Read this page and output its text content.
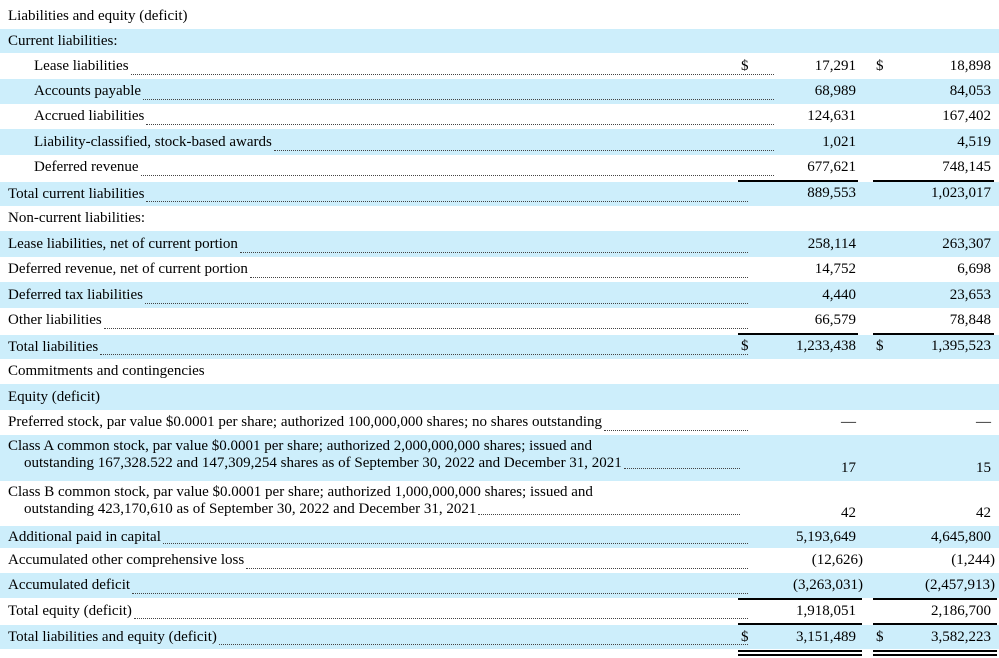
Liabilities and equity (deficit)
Current liabilities:
Lease liabilities	$	17,291 $	18,898
Accounts payable	68,989	84,053
Accrued liabilities	124,631	167,402
Liability-classified, stock-based awards	1,021	4,519
Deferred revenue	677,621	748,145
Total current liabilities	889,553	1,023,017
Non-current liabilities:
Lease liabilities, net of current portion	258,114	263,307
Deferred revenue, net of current portion	14,752	6,698
Deferred tax liabilities	4,440	23,653
Other liabilities	66,579	78,848
Total liabilities	$	1,233,438 $	1,395,523
Commitments and contingencies
Equity (deficit)
Preferred stock, par value $0.0001 per share; authorized 100,000,000 shares; no shares outstanding	—	—
Class A common stock, par value $0.0001 per share; authorized 2,000,000,000 shares; issued and
outstanding 167,328.522 and 147,309,254 shares as of September 30, 2022 and December 31, 2021	17	15
Class B common stock, par value $0.0001 per share; authorized 1,000,000,000 shares; issued and
outstanding 423,170,610 as of September 30, 2022 and December 31, 2021	42	42
Additional paid in capital	5,193,649	4,645,800
Accumulated other comprehensive loss	(12,626)	(1,244)
Accumulated deficit	(3,263,031)	(2,457,913)
Total equity (deficit)	1,918,051	2,186,700
Total liabilities and equity (deficit)	$	3,151,489 $	3,582,223
